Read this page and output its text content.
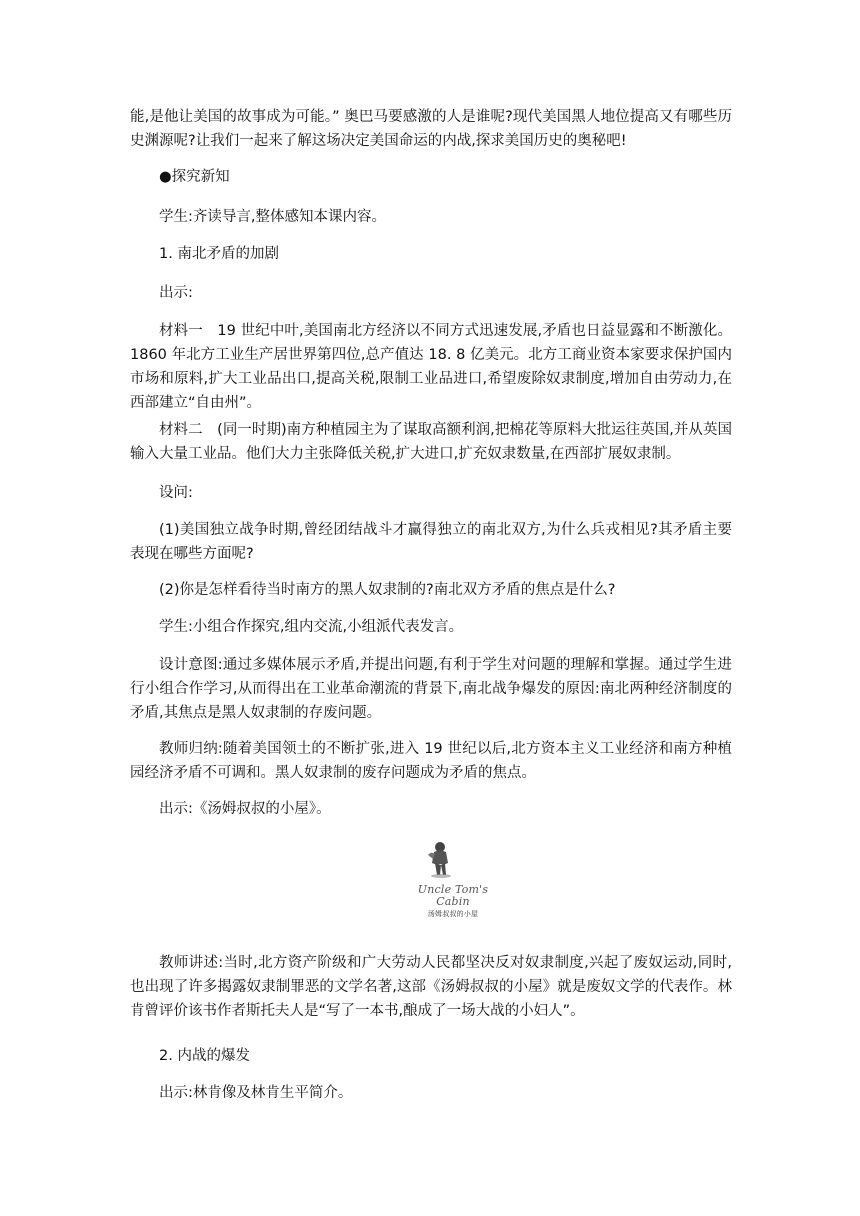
能,是他让美国的故事成为可能。” 奥巴马要感激的人是谁呢?现代美国黑人地位提高又有哪些历史渊源呢?让我们一起来了解这场决定美国命运的内战,探求美国历史的奥秘吧!

●探究新知

学生:齐读导言,整体感知本课内容。

1. 南北矛盾的加剧

出示:

材料一　19 世纪中叶,美国南北方经济以不同方式迅速发展,矛盾也日益显露和不断激化。1860 年北方工业生产居世界第四位,总产值达 18. 8 亿美元。北方工商业资本家要求保护国内市场和原料,扩大工业品出口,提高关税,限制工业品进口,希望废除奴隶制度,增加自由劳动力,在西部建立“自由州”。

材料二　(同一时期)南方种植园主为了谋取高额利润,把棉花等原料大批运往英国,并从英国输入大量工业品。他们大力主张降低关税,扩大进口,扩充奴隶数量,在西部扩展奴隶制。

设问:

(1)美国独立战争时期,曾经团结战斗才赢得独立的南北双方,为什么兵戎相见?其矛盾主要表现在哪些方面呢?

(2)你是怎样看待当时南方的黑人奴隶制的?南北双方矛盾的焦点是什么?

学生:小组合作探究,组内交流,小组派代表发言。

设计意图:通过多媒体展示矛盾,并提出问题,有利于学生对问题的理解和掌握。通过学生进行小组合作学习,从而得出在工业革命潮流的背景下,南北战争爆发的原因:南北两种经济制度的矛盾,其焦点是黑人奴隶制的存废问题。

教师归纳:随着美国领土的不断扩张,进入 19 世纪以后,北方资本主义工业经济和南方种植园经济矛盾不可调和。黑人奴隶制的废存问题成为矛盾的焦点。

出示:《汤姆叔叔的小屋》。

Uncle Tom's
Cabin
汤姆叔叔的小屋

教师讲述:当时,北方资产阶级和广大劳动人民都坚决反对奴隶制度,兴起了废奴运动,同时,也出现了许多揭露奴隶制罪恶的文学名著,这部《汤姆叔叔的小屋》就是废奴文学的代表作。林肯曾评价该书作者斯托夫人是“写了一本书,酿成了一场大战的小妇人”。

2. 内战的爆发

出示:林肯像及林肯生平简介。
